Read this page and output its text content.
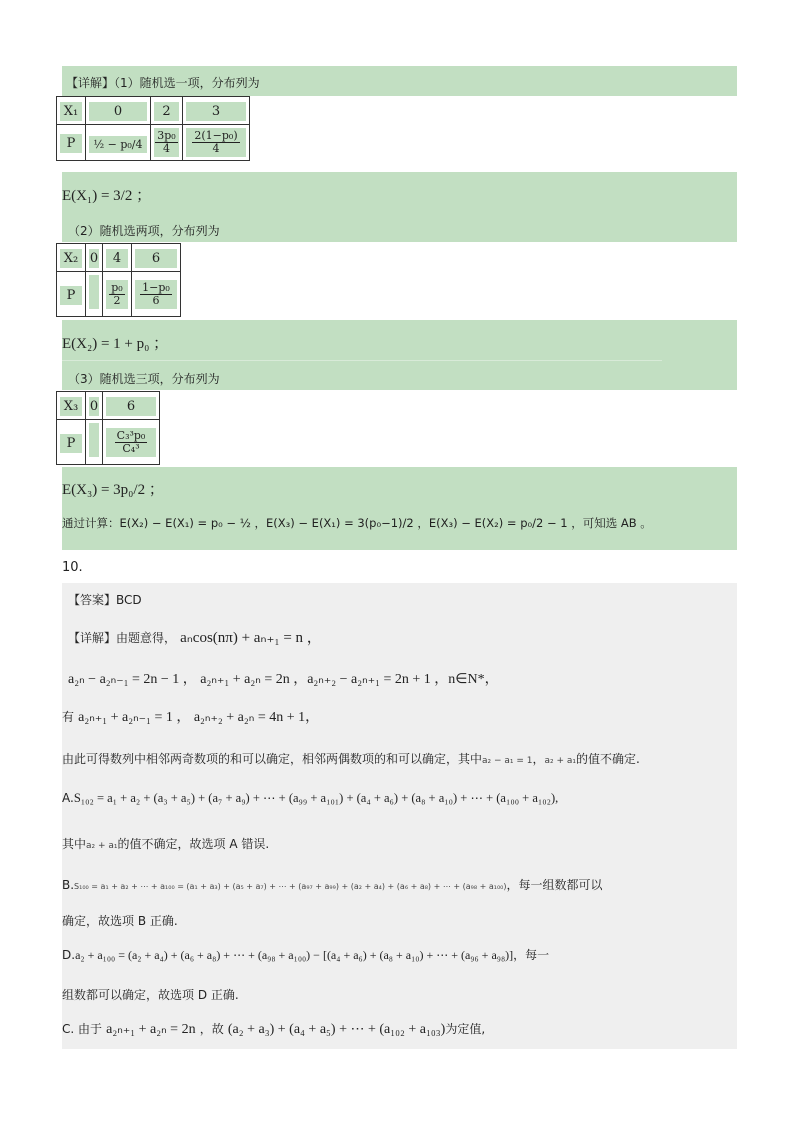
【详解】（1）随机选一项，分布列为
X₁	0	2	3
P	½ − p₀/4	$\frac{\text{3p₀}}{4}$	$\frac{\text{2(1−p₀)}}{4}$
E(X₁) = 3/2 ；
（2）随机选两项，分布列为
X₂	0	4	6
P		$\frac{\text{p₀}}{2}$	$\frac{\text{1−p₀}}{6}$
E(X₂) = 1 + p₀ ；
（3）随机选三项，分布列为
X₃	0	6
P		$\frac{\text{C₃³p₀}}{\text{C₄³}}$
E(X₃) = 3p₀/2 ；
通过计算：E(X₂) − E(X₁) = p₀ − ½ ，E(X₃) − E(X₁) = 3(p₀−1)/2 ，E(X₃) − E(X₂) = p₀/2 − 1 ，可知选 AB 。
10.
【答案】BCD
【详解】由题意得， aₙcos(nπ) + aₙ₊₁ = n ，
a₂ₙ − a₂ₙ₋₁ = 2n − 1 ， a₂ₙ₊₁ + a₂ₙ = 2n ，a₂ₙ₊₂ − a₂ₙ₊₁ = 2n + 1 ，n∈N*，
有 a₂ₙ₊₁ + a₂ₙ₋₁ = 1 ， a₂ₙ₊₂ + a₂ₙ = 4n + 1，
由此可得数列中相邻两奇数项的和可以确定，相邻两偶数项的和可以确定，其中a₂ − a₁ = 1，a₂ + a₁的值不确定.
A.S₁₀₂ = a₁ + a₂ + (a₃ + a₅) + (a₇ + a₉) + ⋯ + (a₉₉ + a₁₀₁) + (a₄ + a₆) + (a₈ + a₁₀) + ⋯ + (a₁₀₀ + a₁₀₂),
其中a₂ + a₁的值不确定，故选项 A 错误.
B.S₁₀₀ = a₁ + a₂ + ⋯ + a₁₀₀ = (a₁ + a₃) + (a₅ + a₇) + ⋯ + (a₉₇ + a₉₉) + (a₂ + a₄) + (a₆ + a₈) + ⋯ + (a₉₈ + a₁₀₀)，每一组数都可以
确定，故选项 B 正确.
D.a₂ + a₁₀₀ = (a₂ + a₄) + (a₆ + a₈) + ⋯ + (a₉₈ + a₁₀₀) − [(a₄ + a₆) + (a₈ + a₁₀) + ⋯ + (a₉₆ + a₉₈)]，每一
组数都可以确定，故选项 D 正确.
C. 由于 a₂ₙ₊₁ + a₂ₙ = 2n ，故 (a₂ + a₃) + (a₄ + a₅) + ⋯ + (a₁₀₂ + a₁₀₃)为定值,
